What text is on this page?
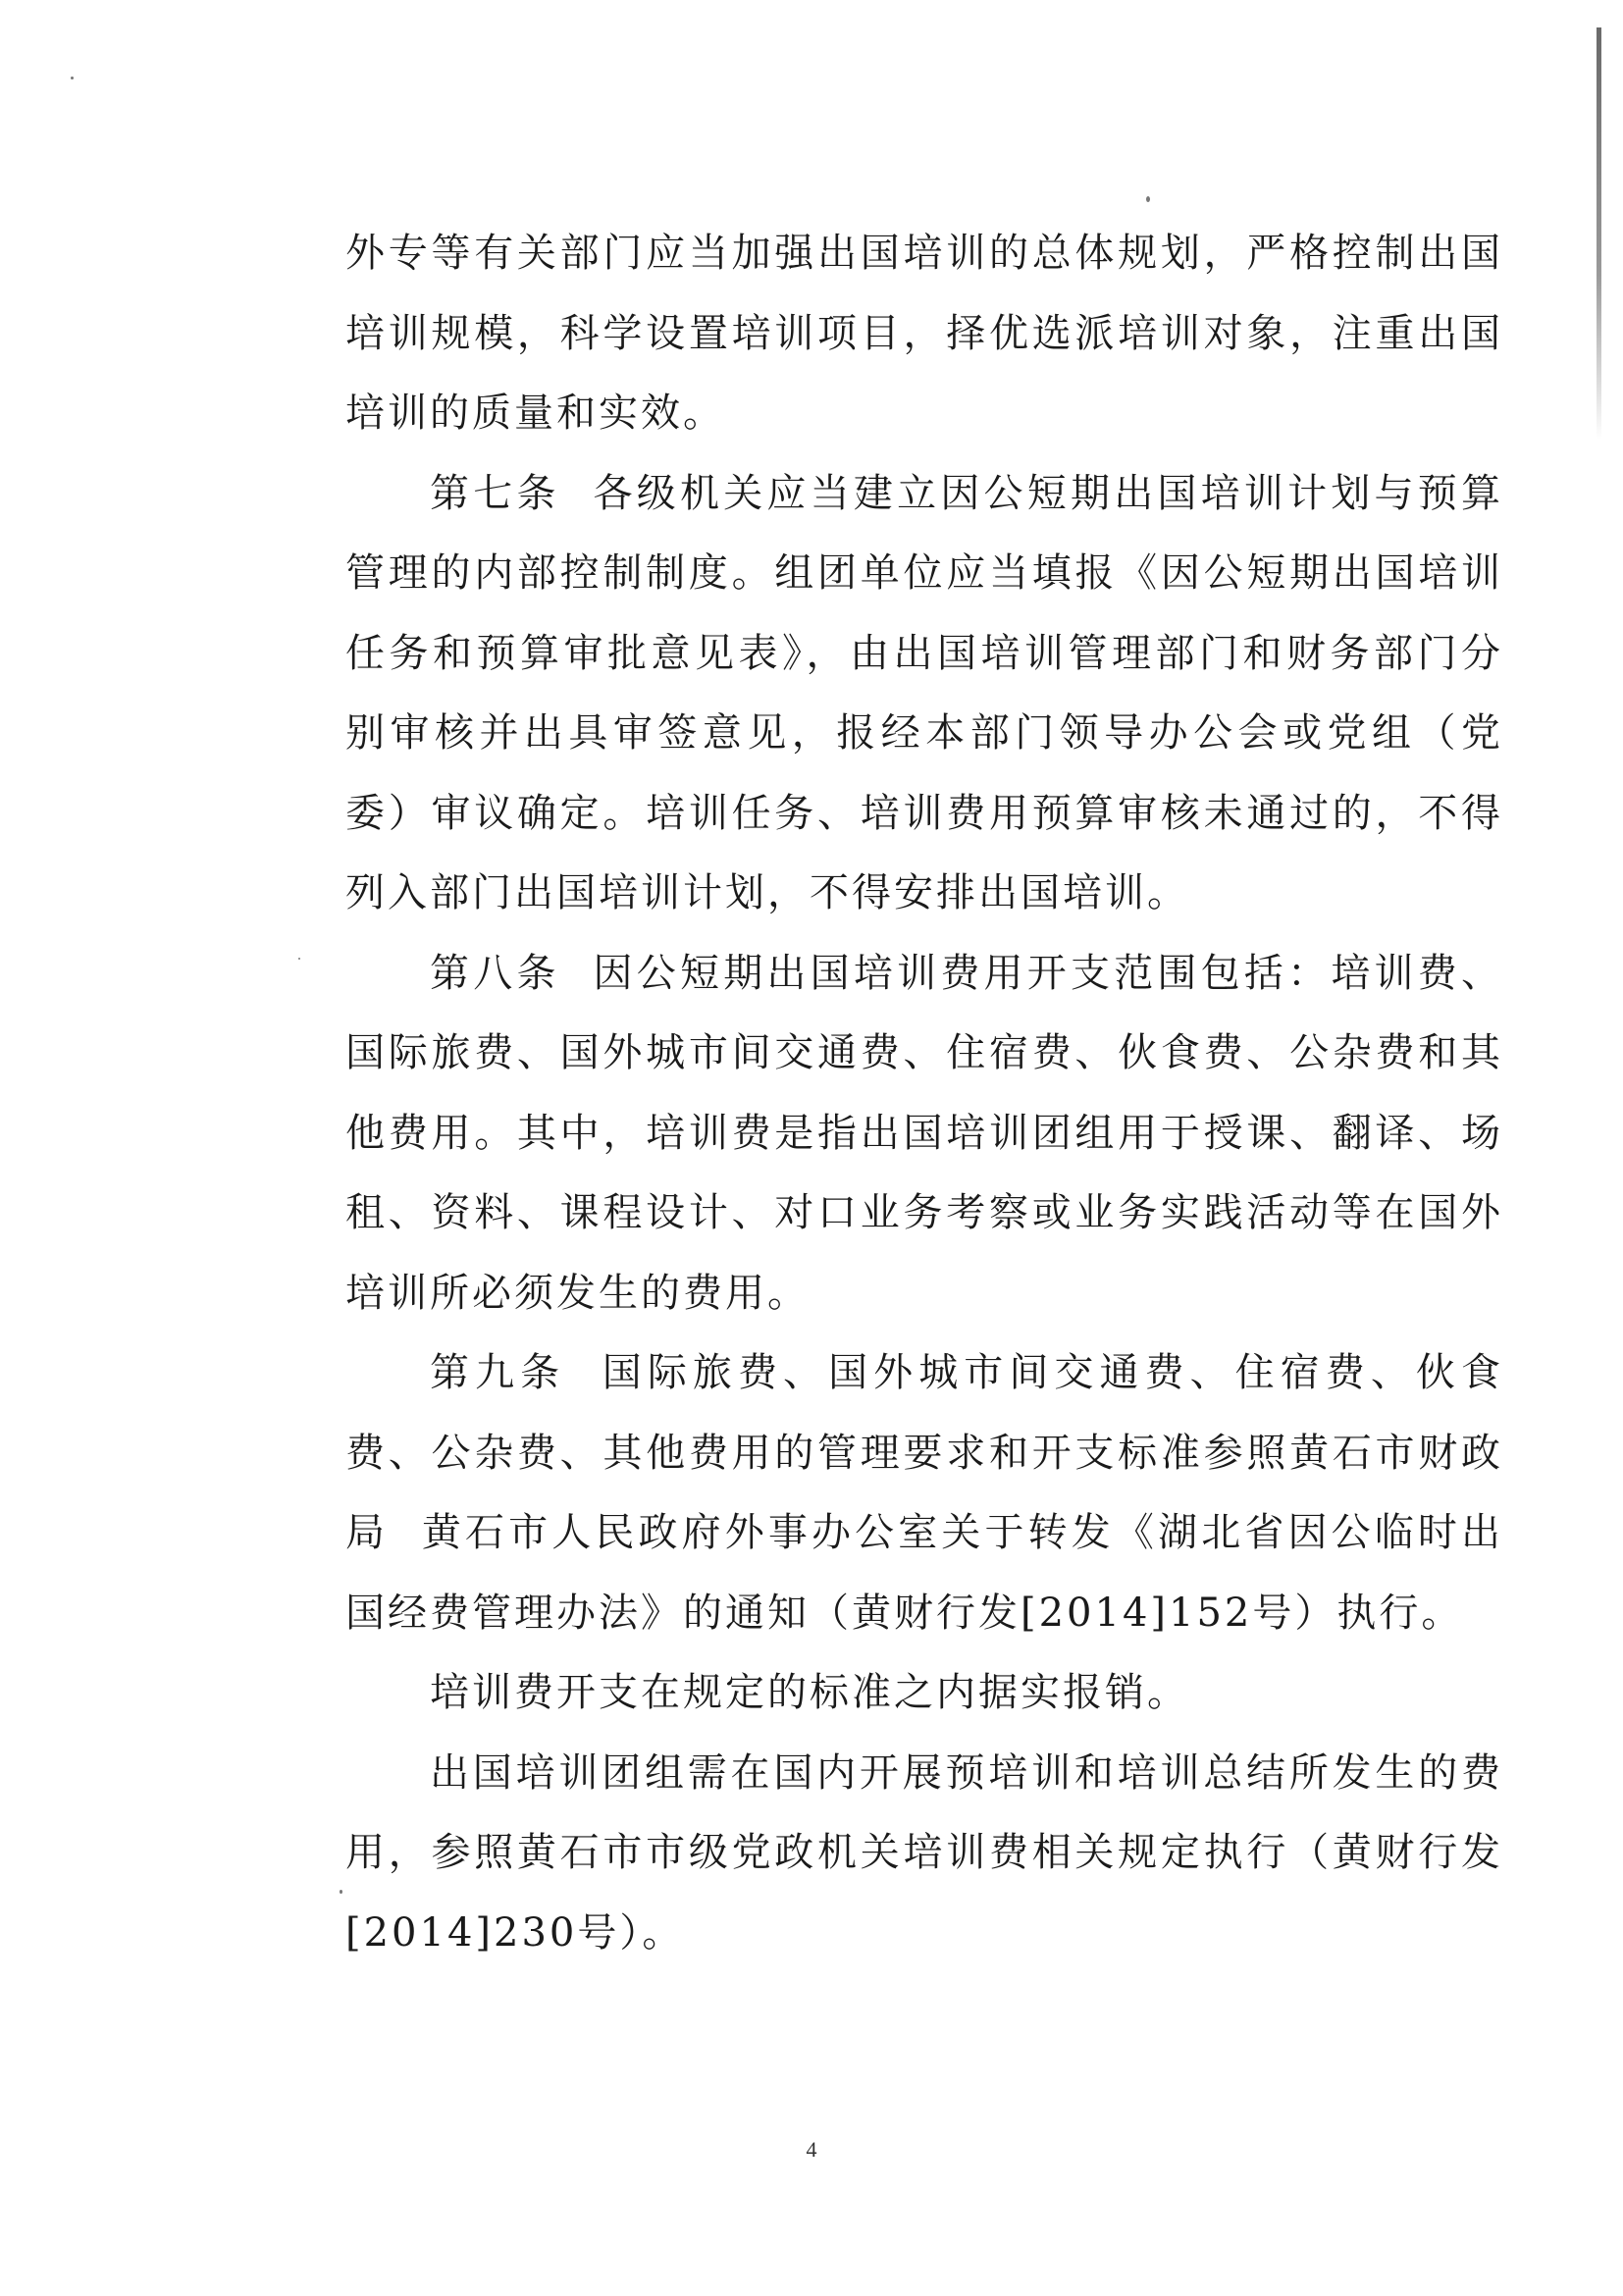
外专等有关部门应当加强出国培训的总体规划，严格控制出国培训规模，科学设置培训项目，择优选派培训对象，注重出国培训的质量和实效。

第七条  各级机关应当建立因公短期出国培训计划与预算管理的内部控制制度。组团单位应当填报《因公短期出国培训任务和预算审批意见表》，由出国培训管理部门和财务部门分别审核并出具审签意见，报经本部门领导办公会或党组（党委）审议确定。培训任务、培训费用预算审核未通过的，不得列入部门出国培训计划，不得安排出国培训。

第八条  因公短期出国培训费用开支范围包括：培训费、国际旅费、国外城市间交通费、住宿费、伙食费、公杂费和其他费用。其中，培训费是指出国培训团组用于授课、翻译、场租、资料、课程设计、对口业务考察或业务实践活动等在国外培训所必须发生的费用。

第九条  国际旅费、国外城市间交通费、住宿费、伙食费、公杂费、其他费用的管理要求和开支标准参照黄石市财政局  黄石市人民政府外事办公室关于转发《湖北省因公临时出国经费管理办法》的通知（黄财行发[2014]152号）执行。

培训费开支在规定的标准之内据实报销。

出国培训团组需在国内开展预培训和培训总结所发生的费用，参照黄石市市级党政机关培训费相关规定执行（黄财行发[2014]230号）。

4
